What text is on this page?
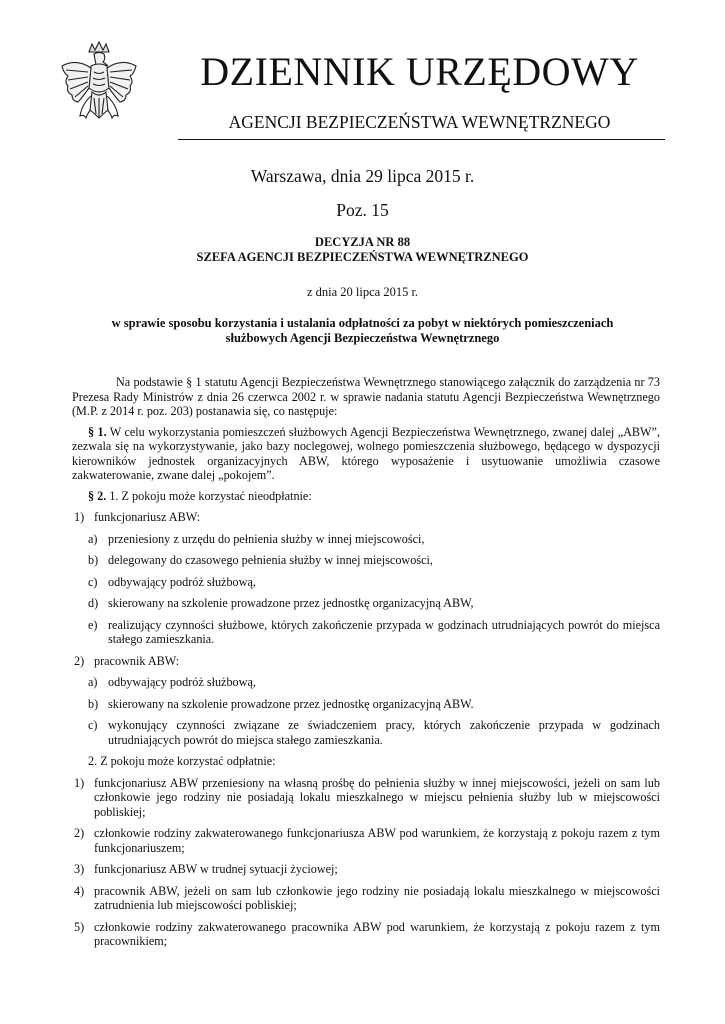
DZIENNIK URZĘDOWY
AGENCJI BEZPIECZEŃSTWA WEWNĘTRZNEGO
Warszawa, dnia 29 lipca 2015 r.
Poz. 15
DECYZJA NR 88
SZEFA AGENCJI BEZPIECZEŃSTWA WEWNĘTRZNEGO
z dnia 20 lipca 2015 r.
w sprawie sposobu korzystania i ustalania odpłatności za pobyt w niektórych pomieszczeniach
służbowych Agencji Bezpieczeństwa Wewnętrznego

Na podstawie § 1 statutu Agencji Bezpieczeństwa Wewnętrznego stanowiącego załącznik do zarządzenia nr 73 Prezesa Rady Ministrów z dnia 26 czerwca 2002 r. w sprawie nadania statutu Agencji Bezpieczeństwa Wewnętrznego (M.P. z 2014 r. poz. 203) postanawia się, co następuje:

§ 1. W celu wykorzystania pomieszczeń służbowych Agencji Bezpieczeństwa Wewnętrznego, zwanej dalej „ABW”, zezwala się na wykorzystywanie, jako bazy noclegowej, wolnego pomieszczenia służbowego, będącego w dyspozycji kierowników jednostek organizacyjnych ABW, którego wyposażenie i usytuowanie umożliwia czasowe zakwaterowanie, zwane dalej „pokojem”.

§ 2. 1. Z pokoju może korzystać nieodpłatnie:

1) funkcjonariusz ABW:

a) przeniesiony z urzędu do pełnienia służby w innej miejscowości,

b) delegowany do czasowego pełnienia służby w innej miejscowości,

c) odbywający podróż służbową,

d) skierowany na szkolenie prowadzone przez jednostkę organizacyjną ABW,

e) realizujący czynności służbowe, których zakończenie przypada w godzinach utrudniających powrót do miejsca stałego zamieszkania.

2) pracownik ABW:

a) odbywający podróż służbową,

b) skierowany na szkolenie prowadzone przez jednostkę organizacyjną ABW.

c) wykonujący czynności związane ze świadczeniem pracy, których zakończenie przypada w godzinach utrudniających powrót do miejsca stałego zamieszkania.

2. Z pokoju może korzystać odpłatnie:

1) funkcjonariusz ABW przeniesiony na własną prośbę do pełnienia służby w innej miejscowości, jeżeli on sam lub członkowie jego rodziny nie posiadają lokalu mieszkalnego w miejscu pełnienia służby lub w miejscowości pobliskiej;

2) członkowie rodziny zakwaterowanego funkcjonariusza ABW pod warunkiem, że korzystają z pokoju razem z tym funkcjonariuszem;

3) funkcjonariusz ABW w trudnej sytuacji życiowej;

4) pracownik ABW, jeżeli on sam lub członkowie jego rodziny nie posiadają lokalu mieszkalnego w miejscowości zatrudnienia lub miejscowości pobliskiej;

5) członkowie rodziny zakwaterowanego pracownika ABW pod warunkiem, że korzystają z pokoju razem z tym pracownikiem;
